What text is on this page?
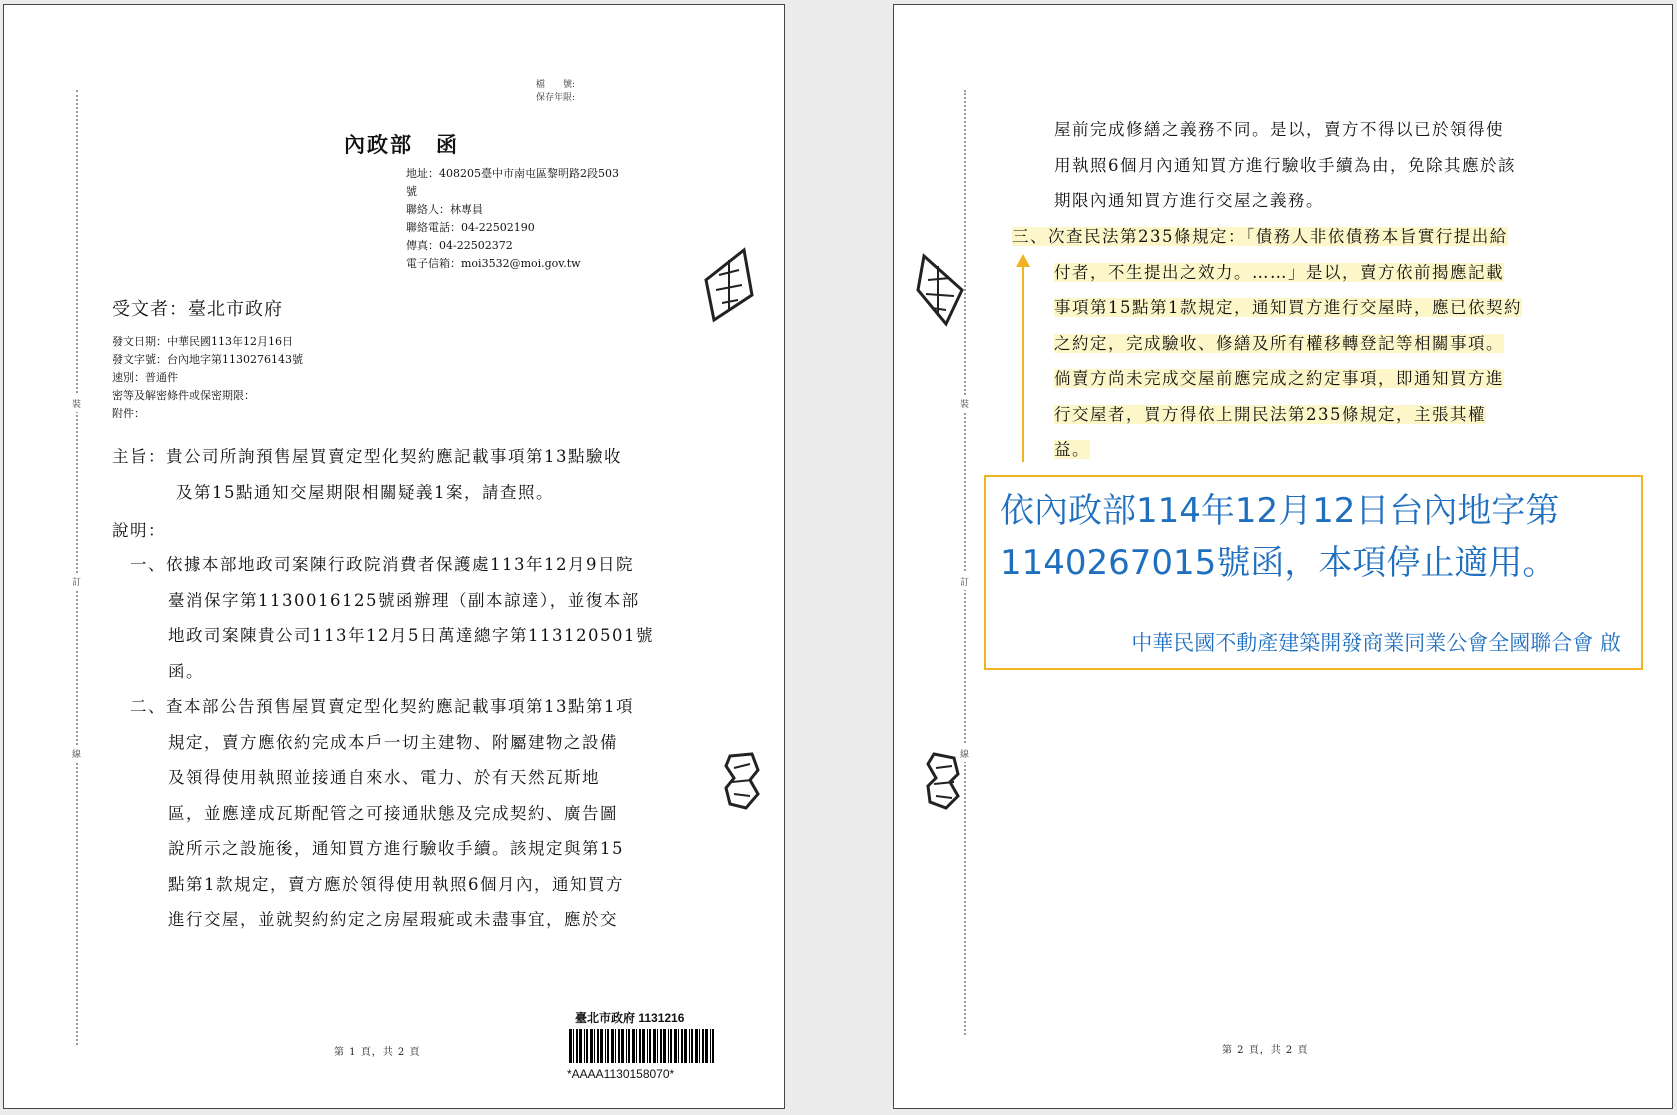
裝
訂
線
檔　　號:
保存年限:
內政部　函
地址：408205臺中市南屯區黎明路2段503
號
聯絡人：林專員
聯絡電話：04-22502190
傳真：04-22502372
電子信箱：moi3532@moi.gov.tw
受文者：臺北市政府
發文日期：中華民國113年12月16日
發文字號：台內地字第1130276143號
速別：普通件
密等及解密條件或保密期限：
附件：
主旨：貴公司所詢預售屋買賣定型化契約應記載事項第13點驗收
及第15點通知交屋期限相關疑義1案，請查照。
說明：

一、依據本部地政司案陳行政院消費者保護處113年12月9日院

臺消保字第1130016125號函辦理（副本諒達），並復本部

地政司案陳貴公司113年12月5日萬達總字第113120501號

函。

二、查本部公告預售屋買賣定型化契約應記載事項第13點第1項

規定，賣方應依約完成本戶一切主建物、附屬建物之設備

及領得使用執照並接通自來水、電力、於有天然瓦斯地

區，並應達成瓦斯配管之可接通狀態及完成契約、廣告圖

說所示之設施後，通知買方進行驗收手續。該規定與第15

點第1款規定，賣方應於領得使用執照6個月內，通知買方

進行交屋，並就契約約定之房屋瑕疵或未盡事宜，應於交

第 1 頁，共 2 頁
臺北市政府 1131216
*AAAA1130158070*
裝
訂
線

屋前完成修繕之義務不同。是以，賣方不得以已於領得使

用執照6個月內通知買方進行驗收手續為由，免除其應於該

期限內通知買方進行交屋之義務。

三、次查民法第235條規定：「債務人非依債務本旨實行提出給

付者，不生提出之效力。……」是以，賣方依前揭應記載

事項第15點第1款規定，通知買方進行交屋時，應已依契約

之約定，完成驗收、修繕及所有權移轉登記等相關事項。

倘賣方尚未完成交屋前應完成之約定事項，即通知買方進

行交屋者，買方得依上開民法第235條規定，主張其權

益。

第 2 頁，共 2 頁
依內政部114年12月12日台內地字第1140267015號函，本項停止適用。
中華民國不動產建築開發商業同業公會全國聯合會 啟
